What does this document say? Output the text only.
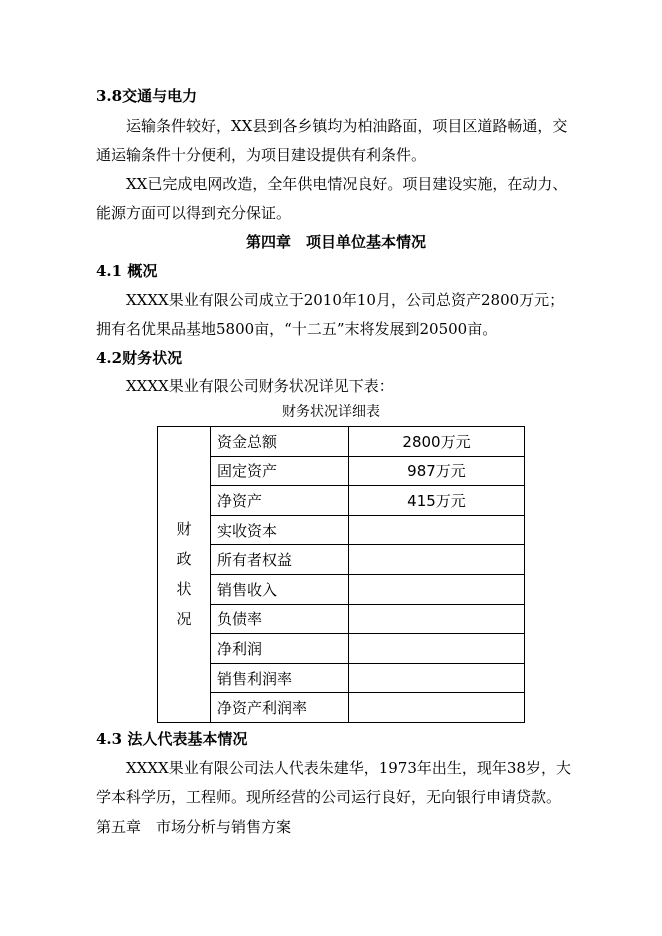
3.8交通与电力
运输条件较好，XX县到各乡镇均为柏油路面，项目区道路畅通，交
通运输条件十分便利，为项目建设提供有利条件。
XX已完成电网改造，全年供电情况良好。项目建设实施，在动力、
能源方面可以得到充分保证。
第四章　项目单位基本情况
4.1 概况
XXXX果业有限公司成立于2010年10月，公司总资产2800万元；
拥有名优果品基地5800亩，“十二五”末将发展到20500亩。
4.2财务状况
XXXX果业有限公司财务状况详见下表：
财务状况详细表
财
政
状
况	资金总额	2800万元
	固定资产	987万元
	净资产	415万元
	实收资本	
	所有者权益	
	销售收入	
	负债率	
	净利润	
	销售利润率	
	净资产利润率	
4.3 法人代表基本情况
XXXX果业有限公司法人代表朱建华，1973年出生，现年38岁，大
学本科学历，工程师。现所经营的公司运行良好，无向银行申请贷款。
第五章　市场分析与销售方案
